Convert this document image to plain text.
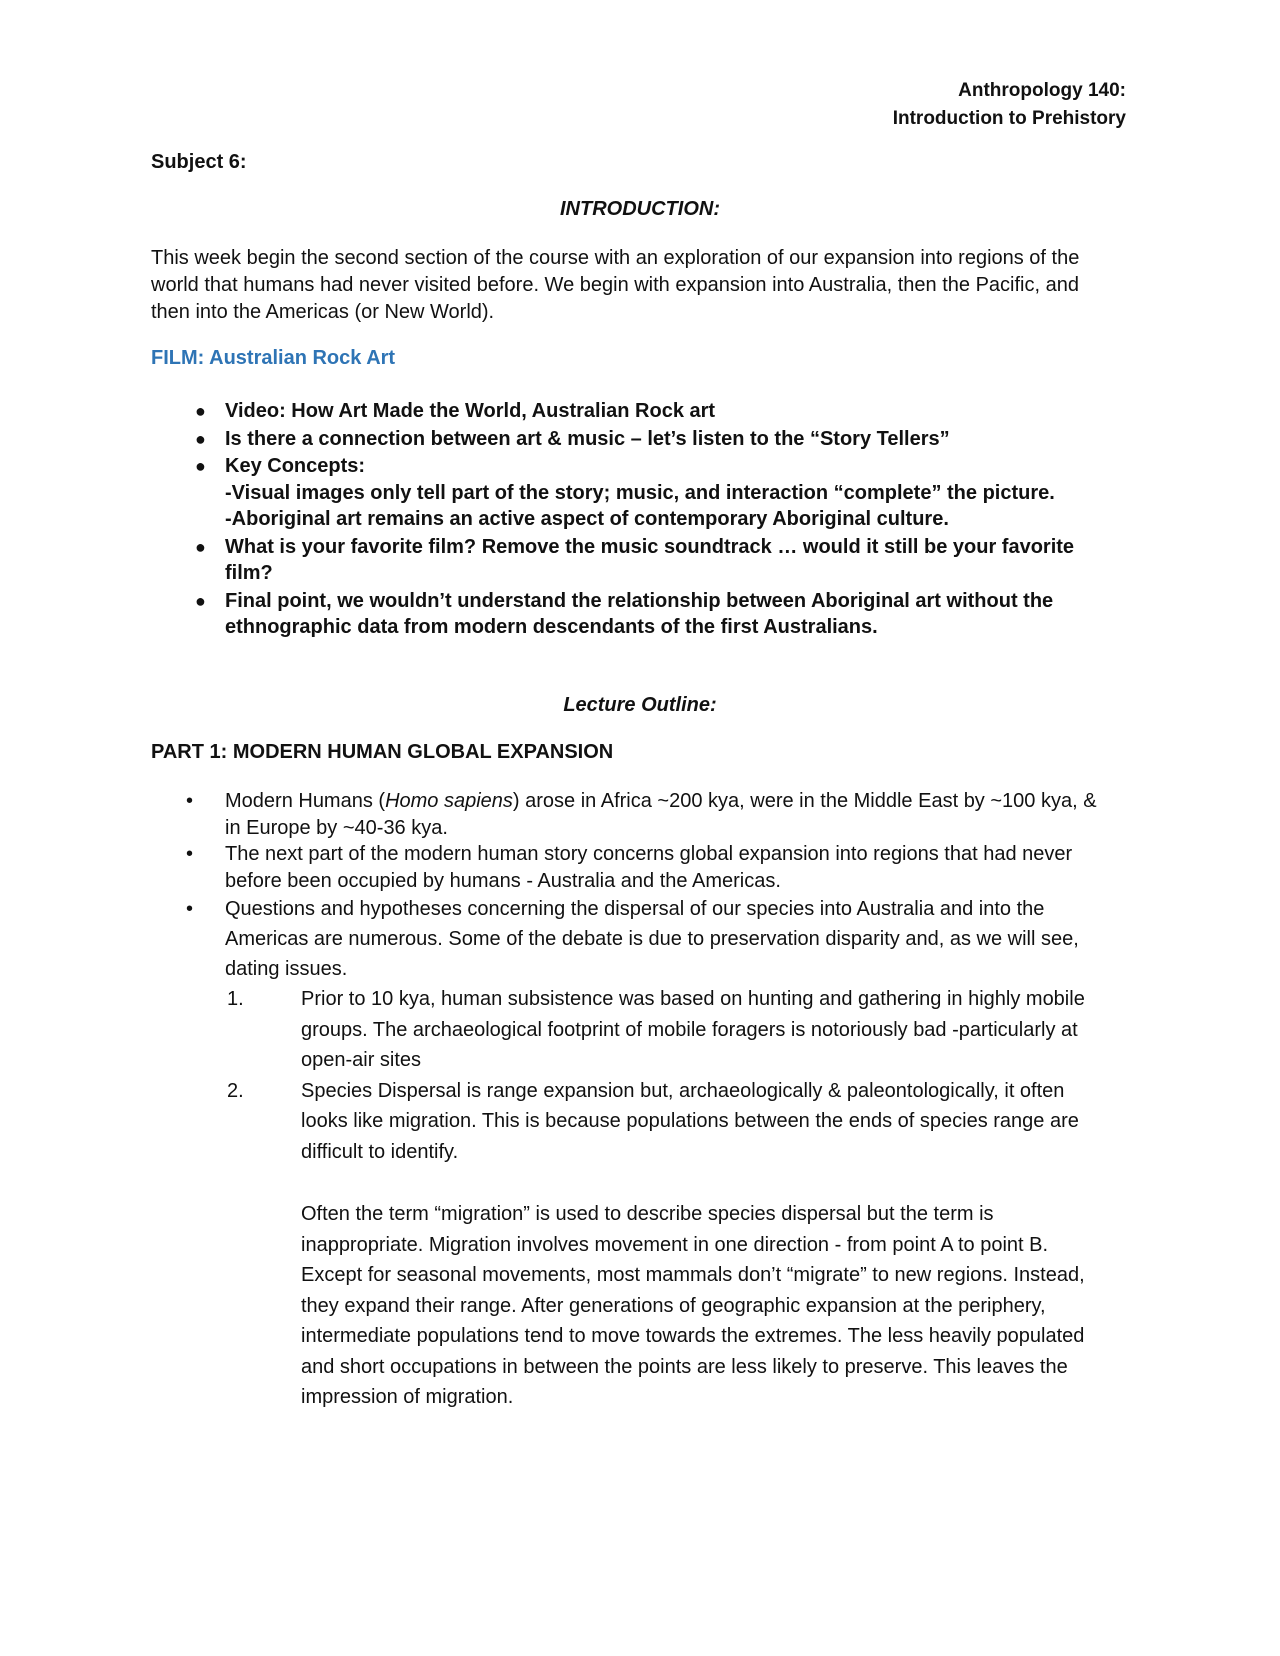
Anthropology 140:
Introduction to Prehistory
Subject 6:
INTRODUCTION:
This week begin the second section of the course with an exploration of our expansion into regions of the world that humans had never visited before. We begin with expansion into Australia, then the Pacific, and then into the Americas (or New World).
FILM: Australian Rock Art
● Video: How Art Made the World, Australian Rock art
● Is there a connection between art & music – let’s listen to the “Story Tellers”
● Key Concepts:
-Visual images only tell part of the story; music, and interaction “complete” the picture.
-Aboriginal art remains an active aspect of contemporary Aboriginal culture.
● What is your favorite film? Remove the music soundtrack … would it still be your favorite film?
● Final point, we wouldn’t understand the relationship between Aboriginal art without the ethnographic data from modern descendants of the first Australians.
Lecture Outline:
PART 1: MODERN HUMAN GLOBAL EXPANSION
• Modern Humans (Homo sapiens) arose in Africa ~200 kya, were in the Middle East by ~100 kya, & in Europe by ~40-36 kya.
• The next part of the modern human story concerns global expansion into regions that had never before been occupied by humans - Australia and the Americas.
• Questions and hypotheses concerning the dispersal of our species into Australia and into the Americas are numerous. Some of the debate is due to preservation disparity and, as we will see, dating issues.
1.	Prior to 10 kya, human subsistence was based on hunting and gathering in highly mobile groups. The archaeological footprint of mobile foragers is notoriously bad -particularly at open-air sites
2.	Species Dispersal is range expansion but, archaeologically & paleontologically, it often looks like migration. This is because populations between the ends of species range are difficult to identify.
Often the term “migration” is used to describe species dispersal but the term is inappropriate. Migration involves movement in one direction - from point A to point B. Except for seasonal movements, most mammals don’t “migrate” to new regions. Instead, they expand their range. After generations of geographic expansion at the periphery, intermediate populations tend to move towards the extremes. The less heavily populated and short occupations in between the points are less likely to preserve. This leaves the impression of migration.
